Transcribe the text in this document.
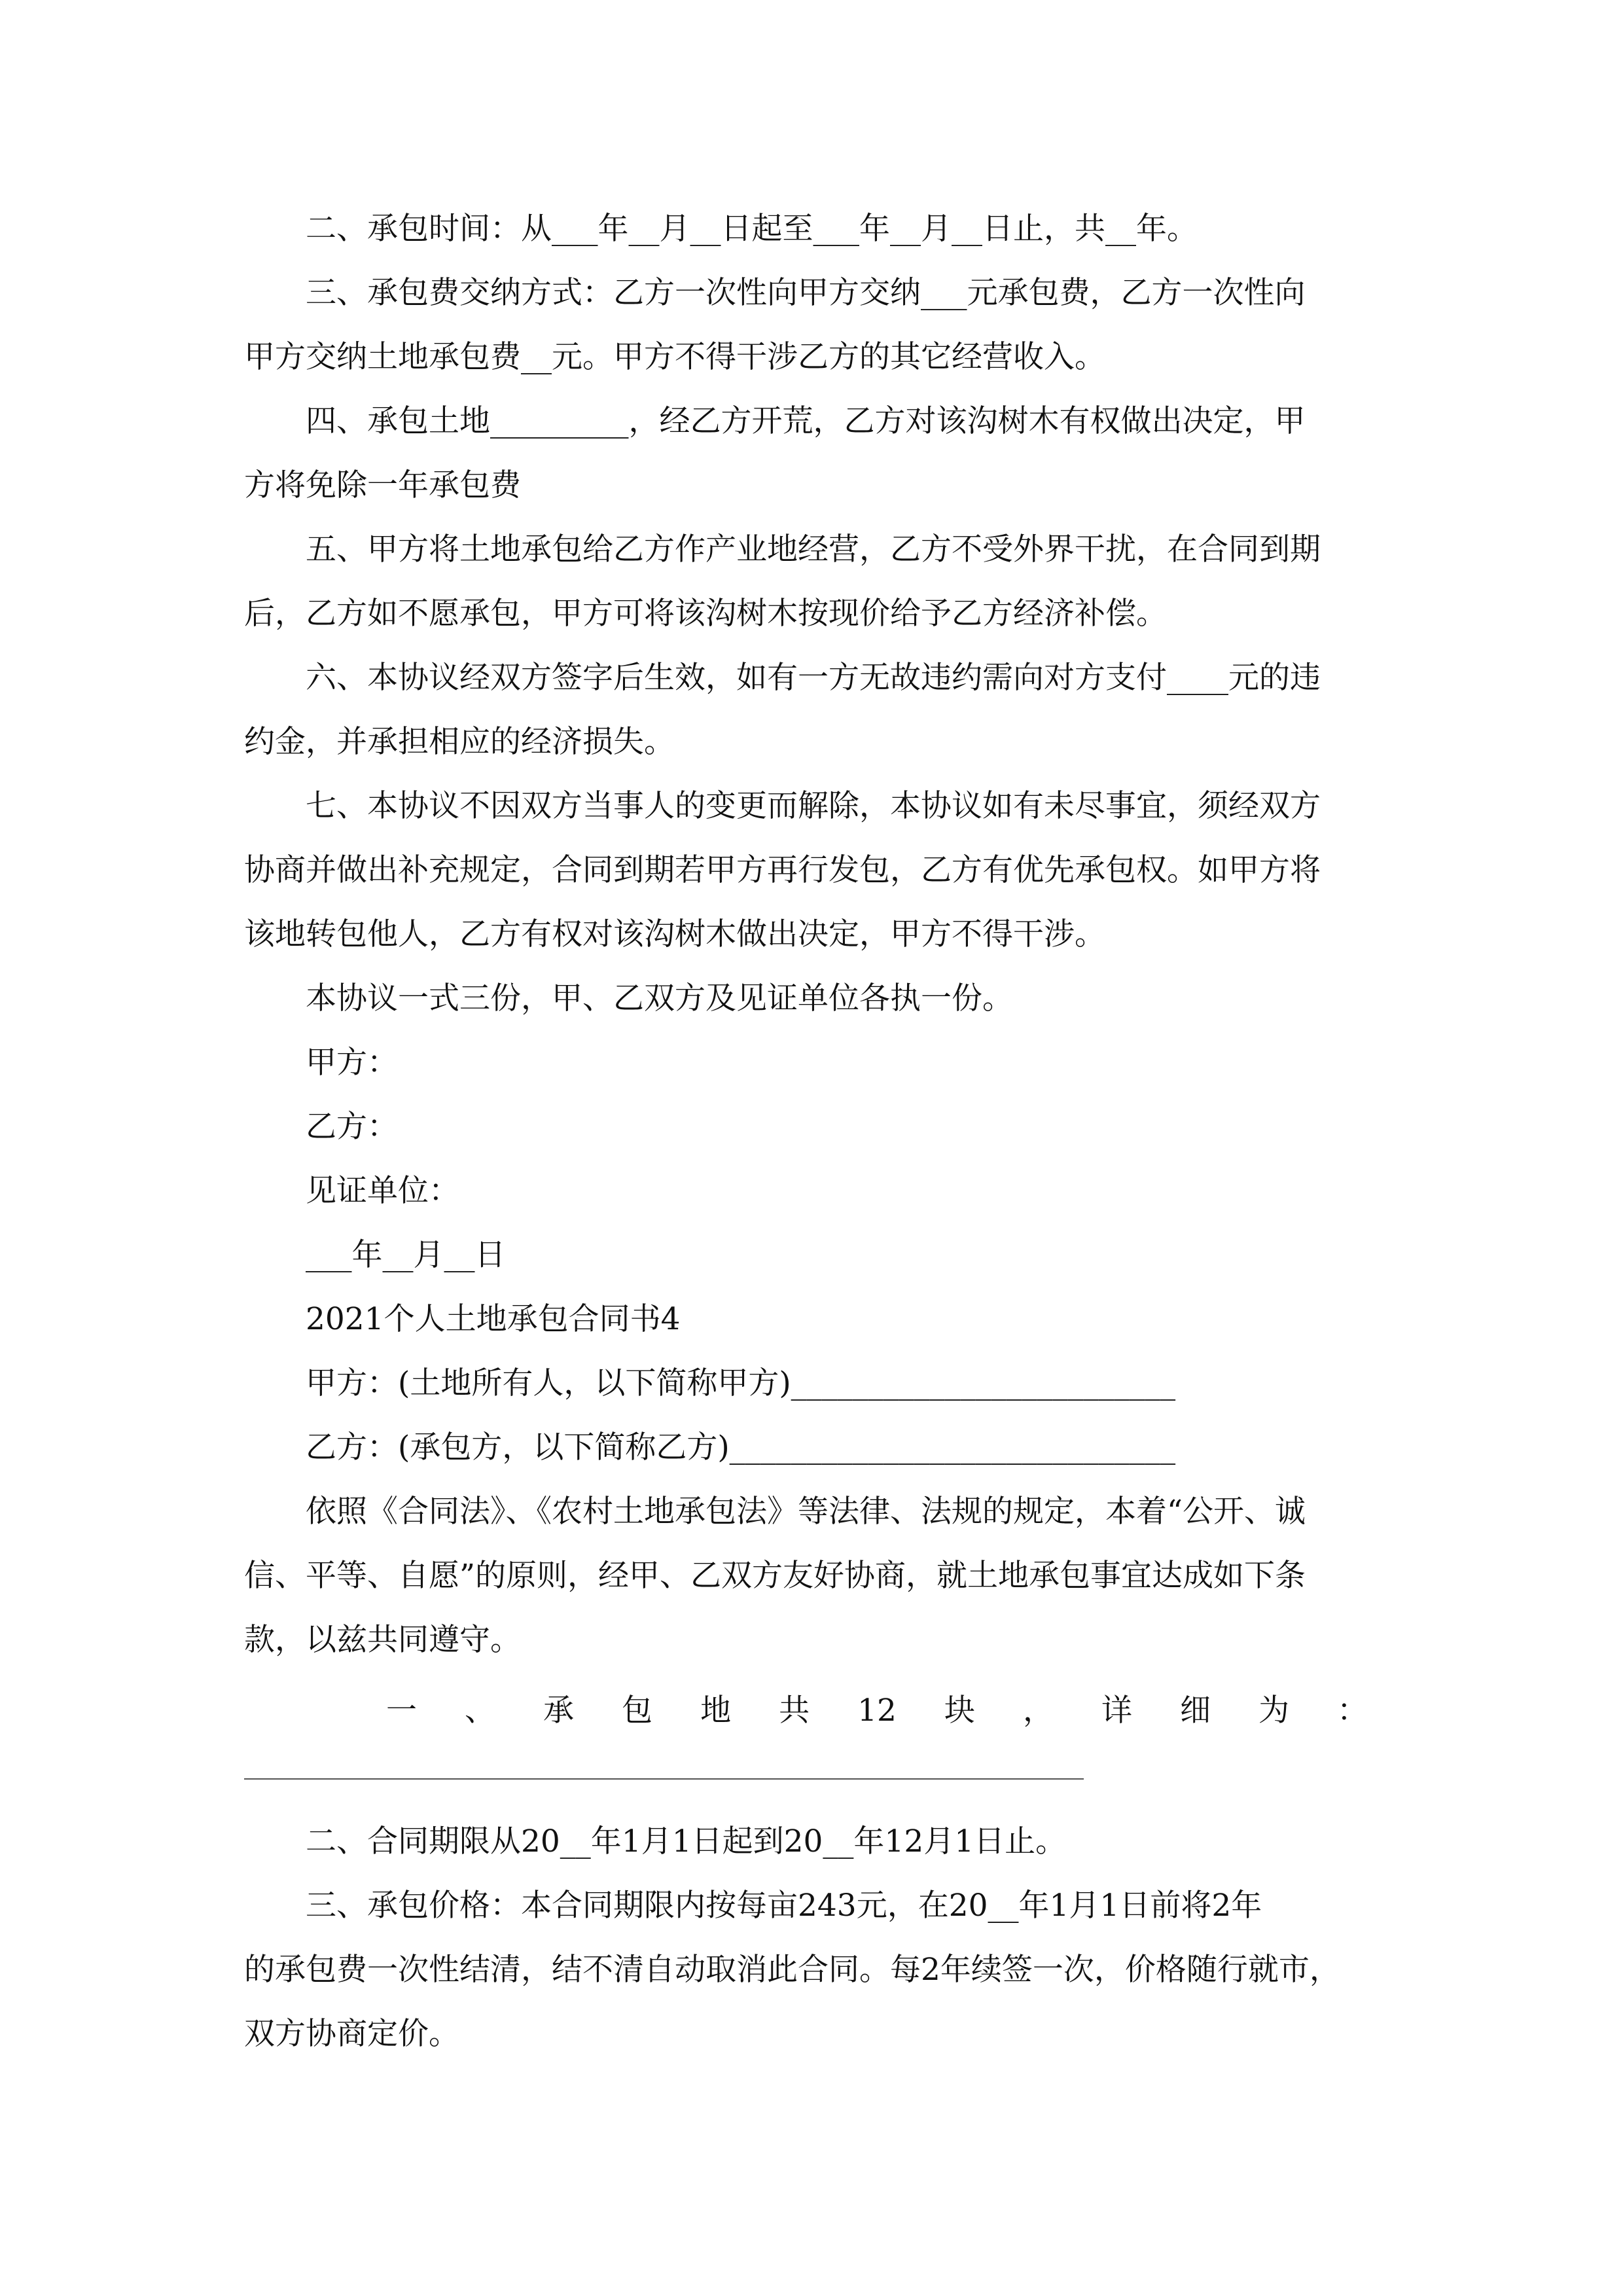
　　二、承包时间：从___年__月__日起至___年__月__日止，共__年。
　　三、承包费交纳方式：乙方一次性向甲方交纳___元承包费，乙方一次性向
甲方交纳土地承包费__元。甲方不得干涉乙方的其它经营收入。
　　四、承包土地_________，经乙方开荒，乙方对该沟树木有权做出决定，甲
方将免除一年承包费
　　五、甲方将土地承包给乙方作产业地经营，乙方不受外界干扰，在合同到期
后，乙方如不愿承包，甲方可将该沟树木按现价给予乙方经济补偿。
　　六、本协议经双方签字后生效，如有一方无故违约需向对方支付____元的违
约金，并承担相应的经济损失。
　　七、本协议不因双方当事人的变更而解除，本协议如有未尽事宜，须经双方
协商并做出补充规定，合同到期若甲方再行发包，乙方有优先承包权。如甲方将
该地转包他人，乙方有权对该沟树木做出决定，甲方不得干涉。
　　本协议一式三份，甲、乙双方及见证单位各执一份。
　　甲方：
　　乙方：
　　见证单位：
　　___年__月__日
　　2021个人土地承包合同书4
　　甲方：(土地所有人，以下简称甲方)_________________________
　　乙方：(承包方，以下简称乙方)_____________________________
　　依照《合同法》、《农村土地承包法》等法律、法规的规定，本着“公开、诚
信、平等、自愿”的原则，经甲、乙双方友好协商，就土地承包事宜达成如下条
款，以兹共同遵守。
一 、 承 包 地 共 12 块 ， 详 细 为 ：
　　二、合同期限从20__年1月1日起到20__年12月1日止。
　　三、承包价格：本合同期限内按每亩243元，在20__年1月1日前将2年
的承包费一次性结清，结不清自动取消此合同。每2年续签一次，价格随行就市，
双方协商定价。
